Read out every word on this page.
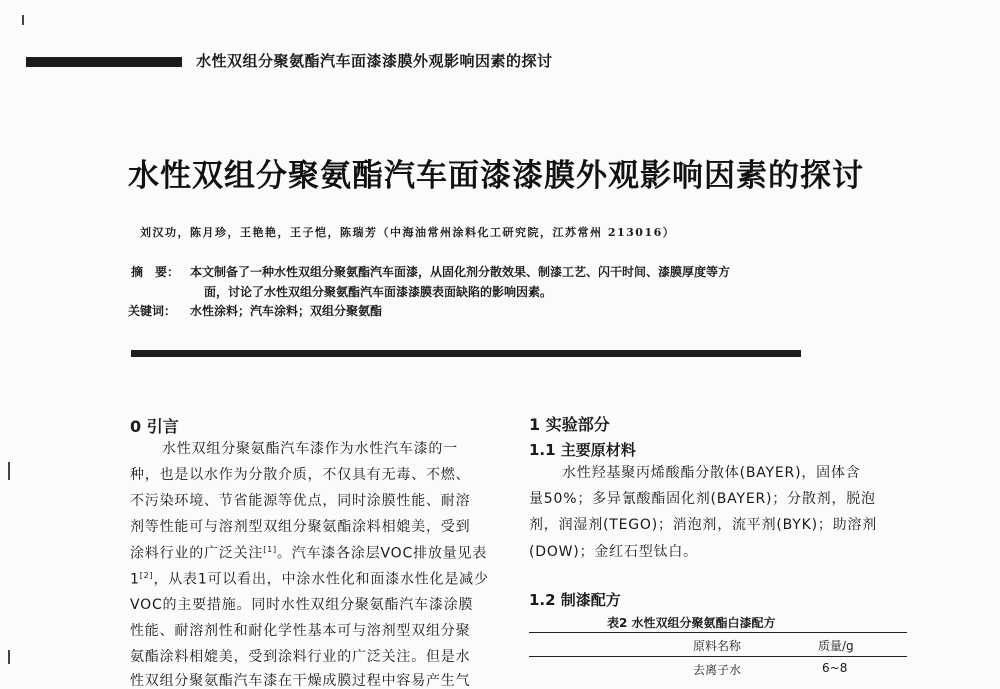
水性双组分聚氨酯汽车面漆漆膜外观影响因素的探讨
水性双组分聚氨酯汽车面漆漆膜外观影响因素的探讨
刘汉功，陈月珍，王艳艳，王子恺，陈瑞芳（中海油常州涂料化工研究院，江苏常州 213016）
摘　要： 本文制备了一种水性双组分聚氨酯汽车面漆，从固化剂分散效果、制漆工艺、闪干时间、漆膜厚度等方
面，讨论了水性双组分聚氨酯汽车面漆漆膜表面缺陷的影响因素。
关键词： 水性涂料；汽车涂料；双组分聚氨酯
0 引言
水性双组分聚氨酯汽车漆作为水性汽车漆的一
种，也是以水作为分散介质，不仅具有无毒、不燃、
不污染环境、节省能源等优点，同时涂膜性能、耐溶
剂等性能可与溶剂型双组分聚氨酯涂料相媲美，受到
涂料行业的广泛关注[1]。汽车漆各涂层VOC排放量见表
1[2]，从表1可以看出，中涂水性化和面漆水性化是减少
VOC的主要措施。同时水性双组分聚氨酯汽车漆涂膜
性能、耐溶剂性和耐化学性基本可与溶剂型双组分聚
氨酯涂料相媲美，受到涂料行业的广泛关注。但是水
性双组分聚氨酯汽车漆在干燥成膜过程中容易产生气
1 实验部分
1.1 主要原材料
水性羟基聚丙烯酸酯分散体(BAYER)，固体含
量50%；多异氰酸酯固化剂(BAYER)；分散剂，脱泡
剂，润湿剂(TEGO)；消泡剂，流平剂(BYK)；助溶剂
(DOW)；金红石型钛白。
1.2 制漆配方
表2 水性双组分聚氨酯白漆配方
原料名称	质量/g
去离子水	6~8
